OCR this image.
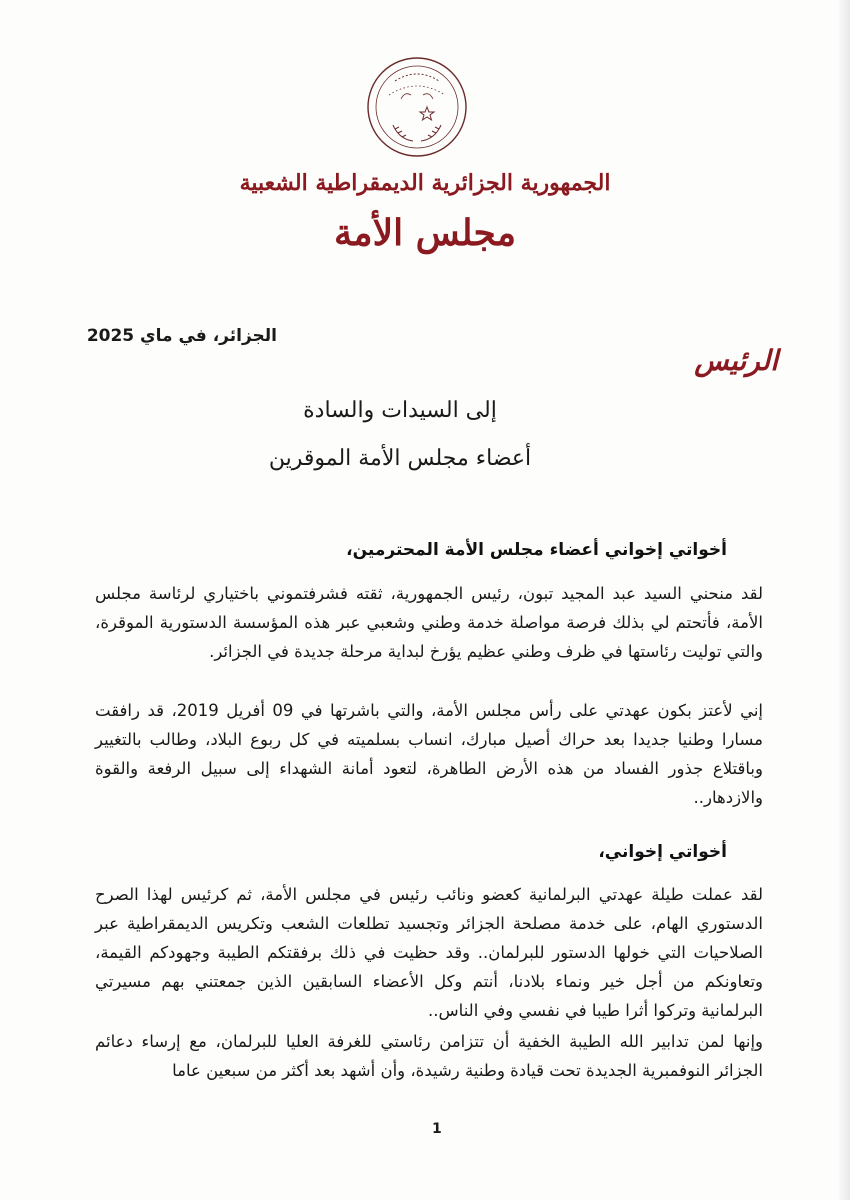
الجمهورية الجزائرية الديمقراطية الشعبية
مجلس الأمة
الجزائر، في ماي 2025
الرئيس
إلى السيدات والسادة
أعضاء مجلس الأمة الموقرين
أخواتي إخواني أعضاء مجلس الأمة المحترمين،
لقد منحني السيد عبد المجيد تبون، رئيس الجمهورية، ثقته فشرفتموني باختياري لرئاسة مجلس الأمة، فأتحتم لي بذلك فرصة مواصلة خدمة وطني وشعبي عبر هذه المؤسسة الدستورية الموقرة، والتي توليت رئاستها في ظرف وطني عظيم يؤرخ لبداية مرحلة جديدة في الجزائر.
إني لأعتز بكون عهدتي على رأس مجلس الأمة، والتي باشرتها في 09 أفريل 2019، قد رافقت مسارا وطنيا جديدا بعد حراك أصيل مبارك، انساب بسلميته في كل ربوع البلاد، وطالب بالتغيير وباقتلاع جذور الفساد من هذه الأرض الطاهرة، لتعود أمانة الشهداء إلى سبيل الرفعة والقوة والازدهار..
أخواتي إخواني،
لقد عملت طيلة عهدتي البرلمانية كعضو ونائب رئيس في مجلس الأمة، ثم كرئيس لهذا الصرح الدستوري الهام، على خدمة مصلحة الجزائر وتجسيد تطلعات الشعب وتكريس الديمقراطية عبر الصلاحيات التي خولها الدستور للبرلمان.. وقد حظيت في ذلك برفقتكم الطيبة وجهودكم القيمة، وتعاونكم من أجل خير ونماء بلادنا، أنتم وكل الأعضاء السابقين الذين جمعتني بهم مسيرتي البرلمانية وتركوا أثرا طيبا في نفسي وفي الناس..
وإنها لمن تدابير الله الطيبة الخفية أن تتزامن رئاستي للغرفة العليا للبرلمان، مع إرساء دعائم الجزائر النوفمبرية الجديدة تحت قيادة وطنية رشيدة، وأن أشهد بعد أكثر من سبعين عاما
1
